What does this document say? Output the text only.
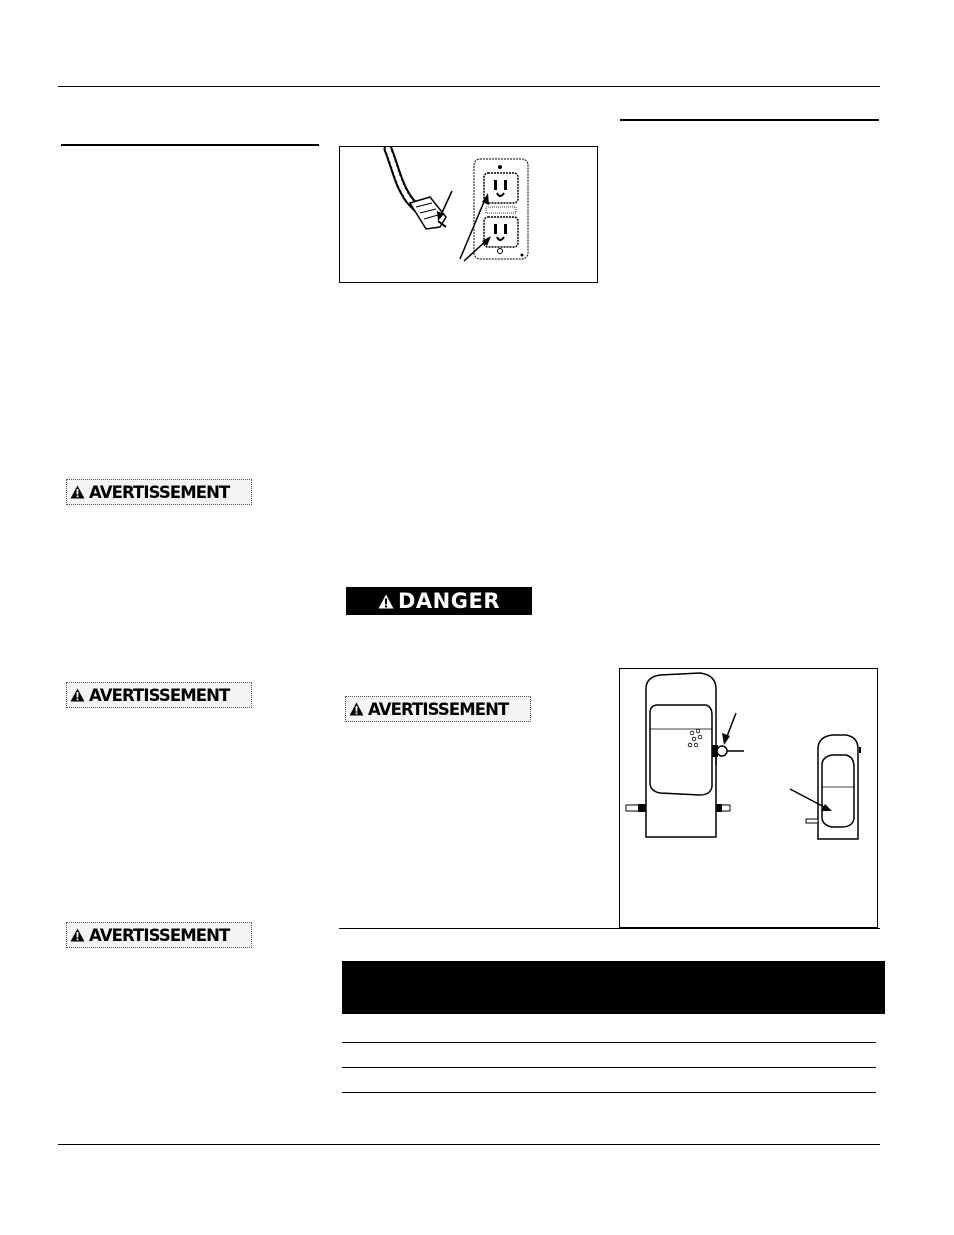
AVERTISSEMENT
AVERTISSEMENT
AVERTISSEMENT
DANGER
AVERTISSEMENT
